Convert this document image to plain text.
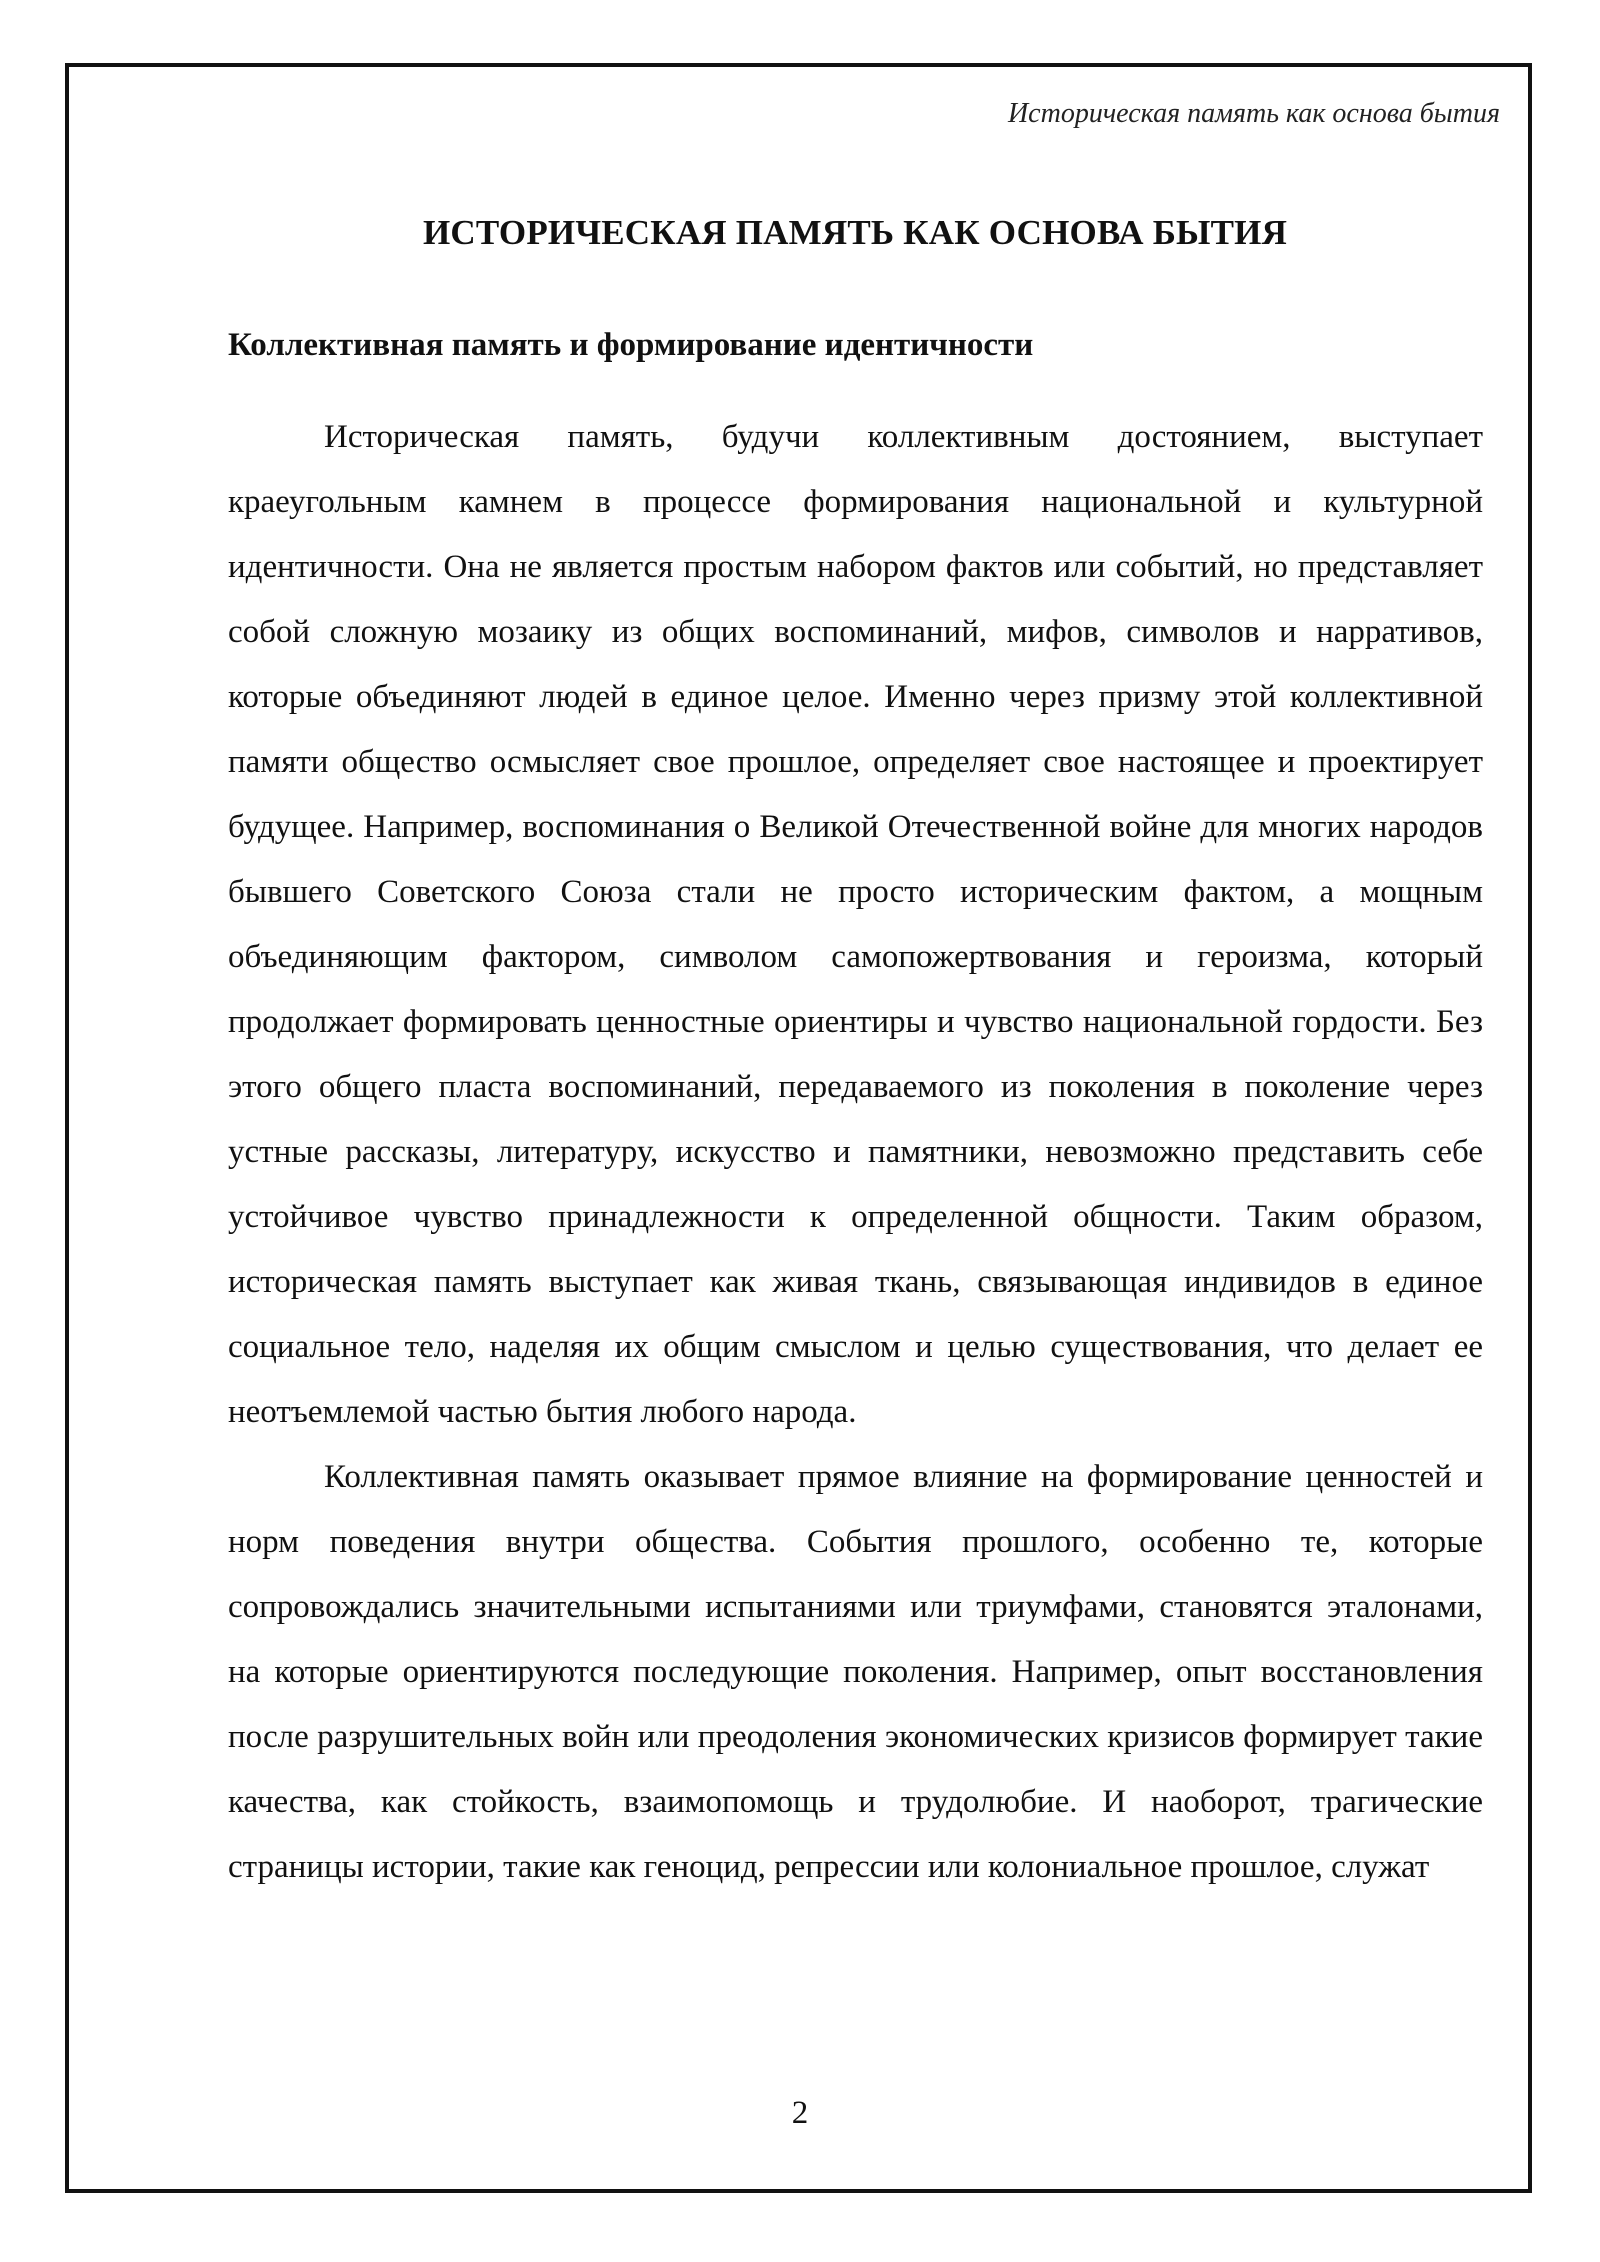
Историческая память как основа бытия
ИСТОРИЧЕСКАЯ ПАМЯТЬ КАК ОСНОВА БЫТИЯ
Коллективная память и формирование идентичности

Историческая память, будучи коллективным достоянием, выступает краеугольным камнем в процессе формирования национальной и культурной идентичности. Она не является простым набором фактов или событий, но представляет собой сложную мозаику из общих воспоминаний, мифов, символов и нарративов, которые объединяют людей в единое целое. Именно через призму этой коллективной памяти общество осмысляет свое прошлое, определяет свое настоящее и проектирует будущее. Например, воспоминания о Великой Отечественной войне для многих народов бывшего Советского Союза стали не просто историческим фактом, а мощным объединяющим фактором, символом самопожертвования и героизма, который продолжает формировать ценностные ориентиры и чувство национальной гордости. Без этого общего пласта воспоминаний, передаваемого из поколения в поколение через устные рассказы, литературу, искусство и памятники, невозможно представить себе устойчивое чувство принадлежности к определенной общности. Таким образом, историческая память выступает как живая ткань, связывающая индивидов в единое социальное тело, наделяя их общим смыслом и целью существования, что делает ее неотъемлемой частью бытия любого народа.

Коллективная память оказывает прямое влияние на формирование ценностей и норм поведения внутри общества. События прошлого, особенно те, которые сопровождались значительными испытаниями или триумфами, становятся эталонами, на которые ориентируются последующие поколения. Например, опыт восстановления после разрушительных войн или преодоления экономических кризисов формирует такие качества, как стойкость, взаимопомощь и трудолюбие. И наоборот, трагические страницы истории, такие как геноцид, репрессии или колониальное прошлое, служат

2
